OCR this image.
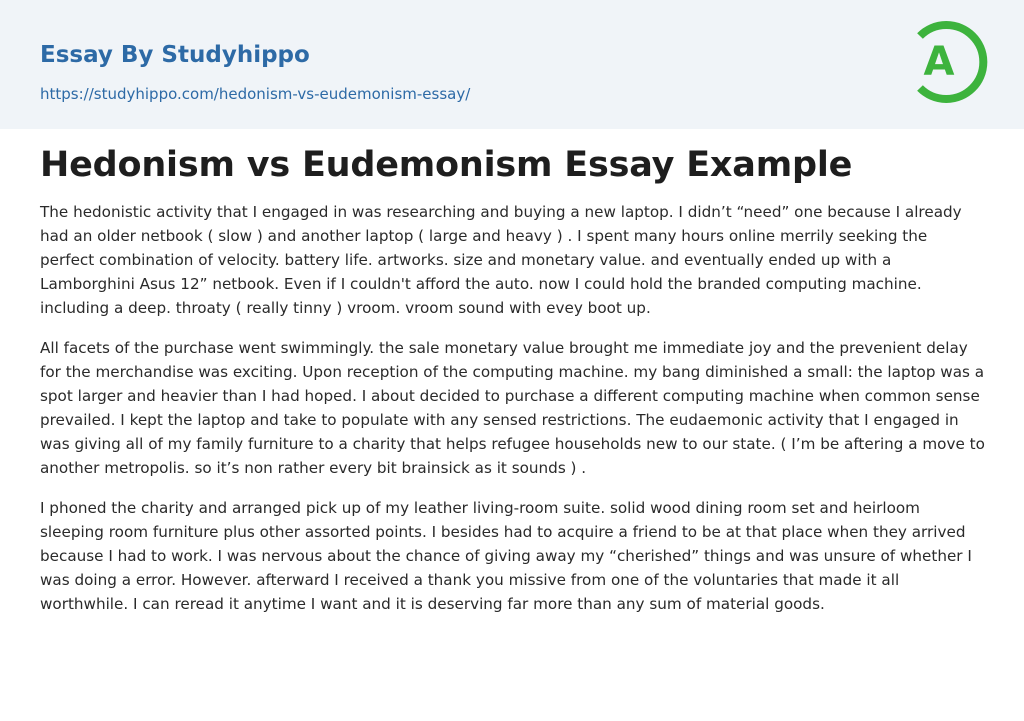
Essay By Studyhippo
https://studyhippo.com/hedonism-vs-eudemonism-essay/
A
Hedonism vs Eudemonism Essay Example

The hedonistic activity that I engaged in was researching and buying a new laptop. I didn’t “need” one because I already had an older netbook ( slow ) and another laptop ( large and heavy ) . I spent many hours online merrily seeking the perfect combination of velocity. battery life. artworks. size and monetary value. and eventually ended up with a Lamborghini Asus 12” netbook. Even if I couldn't afford the auto. now I could hold the branded computing machine. including a deep. throaty ( really tinny ) vroom. vroom sound with evey boot up.

All facets of the purchase went swimmingly. the sale monetary value brought me immediate joy and the prevenient delay for the merchandise was exciting. Upon reception of the computing machine. my bang diminished a small: the laptop was a spot larger and heavier than I had hoped. I about decided to purchase a different computing machine when common sense prevailed. I kept the laptop and take to populate with any sensed restrictions. The eudaemonic activity that I engaged in was giving all of my family furniture to a charity that helps refugee households new to our state. ( I’m be aftering a move to another metropolis. so it’s non rather every bit brainsick as it sounds ) .

I phoned the charity and arranged pick up of my leather living-room suite. solid wood dining room set and heirloom sleeping room furniture plus other assorted points. I besides had to acquire a friend to be at that place when they arrived because I had to work. I was nervous about the chance of giving away my “cherished” things and was unsure of whether I was doing a error. However. afterward I received a thank you missive from one of the voluntaries that made it all worthwhile. I can reread it anytime I want and it is deserving far more than any sum of material goods.
